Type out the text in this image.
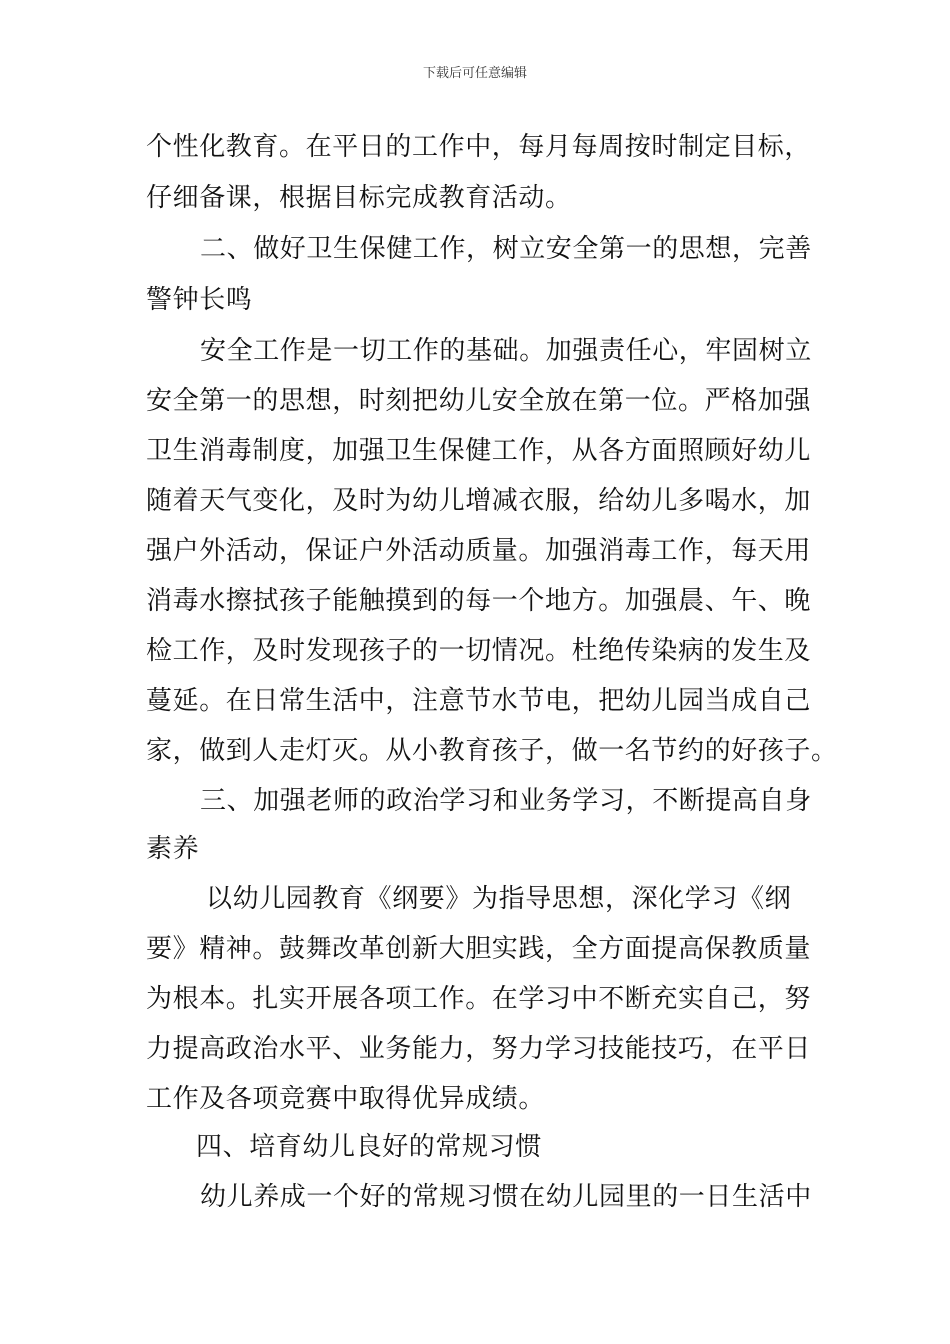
下载后可任意编辑
个性化教育。在平日的工作中，每月每周按时制定目标，
仔细备课，根据目标完成教育活动。
二、做好卫生保健工作，树立安全第一的思想，完善
警钟长鸣
安全工作是一切工作的基础。加强责任心，牢固树立
安全第一的思想，时刻把幼儿安全放在第一位。严格加强
卫生消毒制度，加强卫生保健工作，从各方面照顾好幼儿
随着天气变化，及时为幼儿增减衣服，给幼儿多喝水，加
强户外活动，保证户外活动质量。加强消毒工作，每天用
消毒水擦拭孩子能触摸到的每一个地方。加强晨、午、晚
检工作，及时发现孩子的一切情况。杜绝传染病的发生及
蔓延。在日常生活中，注意节水节电，把幼儿园当成自己
家，做到人走灯灭。从小教育孩子，做一名节约的好孩子。
三、加强老师的政治学习和业务学习，不断提高自身
素养
以幼儿园教育《纲要》为指导思想，深化学习《纲
要》精神。鼓舞改革创新大胆实践，全方面提高保教质量
为根本。扎实开展各项工作。在学习中不断充实自己，努
力提高政治水平、业务能力，努力学习技能技巧，在平日
工作及各项竞赛中取得优异成绩。
四、培育幼儿良好的常规习惯
幼儿养成一个好的常规习惯在幼儿园里的一日生活中
